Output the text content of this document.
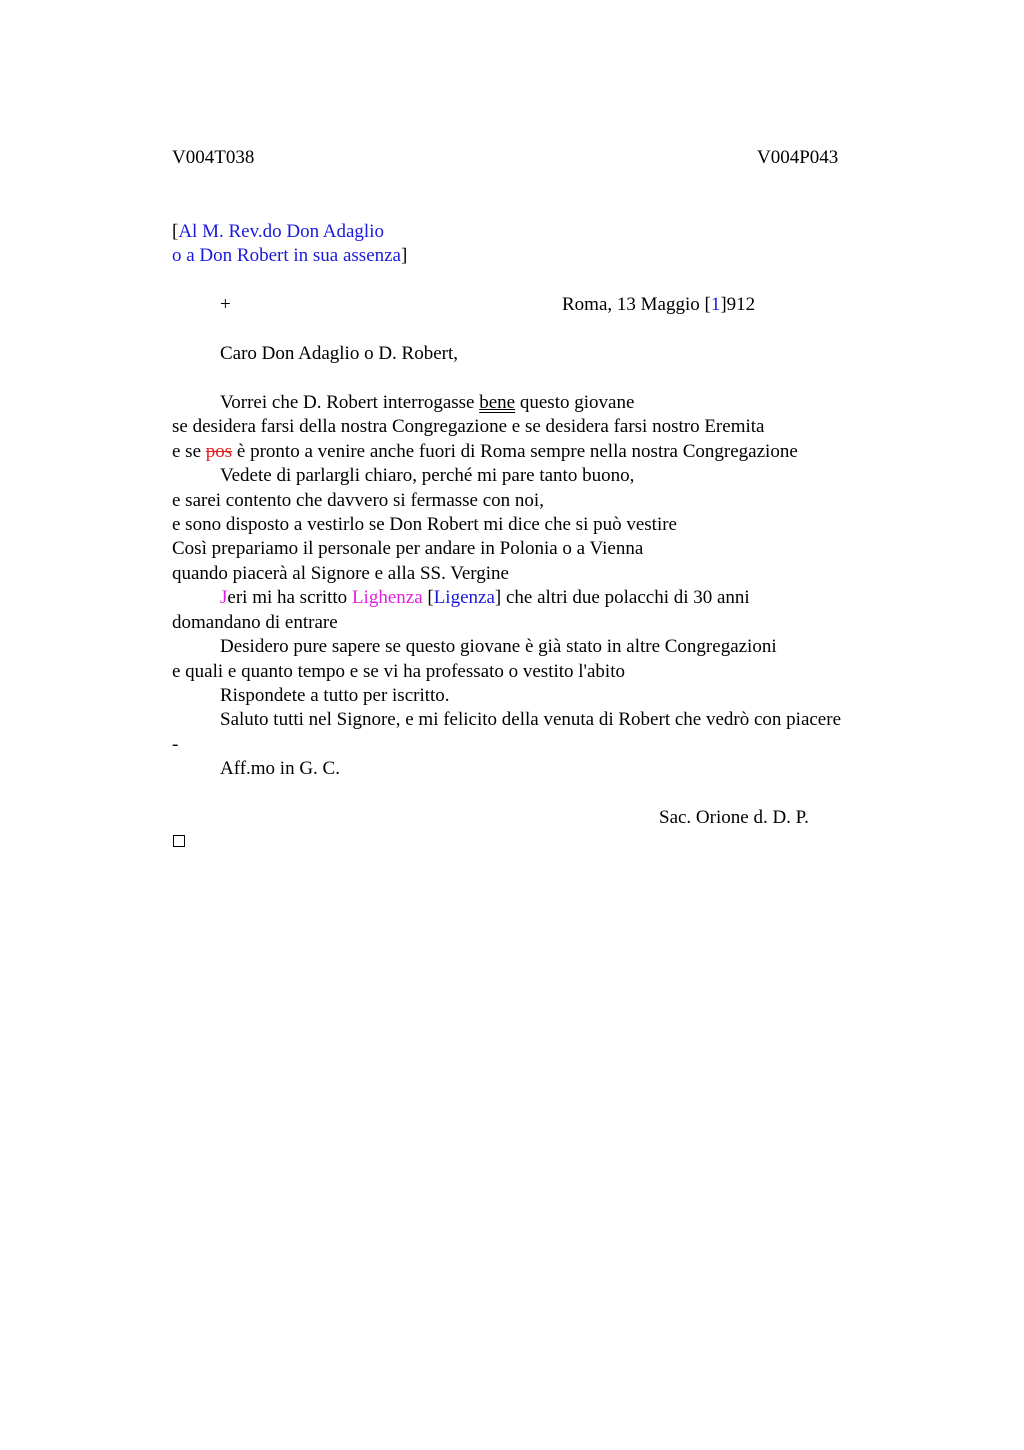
V004T038	V004P043
[Al M. Rev.do Don Adaglio
o a Don Robert in sua assenza]
+	Roma, 13 Maggio [1]912
Caro Don Adaglio o D. Robert,
Vorrei che D. Robert interrogasse bene questo giovane
se desidera farsi della nostra Congregazione e se desidera farsi nostro Eremita
e se pos è pronto a venire anche fuori di Roma sempre nella nostra Congregazione
Vedete di parlargli chiaro, perché mi pare tanto buono,
e sarei contento che davvero si fermasse con noi,
e sono disposto a vestirlo se Don Robert mi dice che si può vestire
Così prepariamo il personale per andare in Polonia o a Vienna
quando piacerà al Signore e alla SS. Vergine
Jeri mi ha scritto Lighenza [Ligenza] che altri due polacchi di 30 anni
domandano di entrare
Desidero pure sapere se questo giovane è già stato in altre Congregazioni
e quali e quanto tempo e se vi ha professato o vestito l'abito
Rispondete a tutto per iscritto.
Saluto tutti nel Signore, e mi felicito della venuta di Robert che vedrò con piacere
-
Aff.mo in G. C.
Sac. Orione d. D. P.
